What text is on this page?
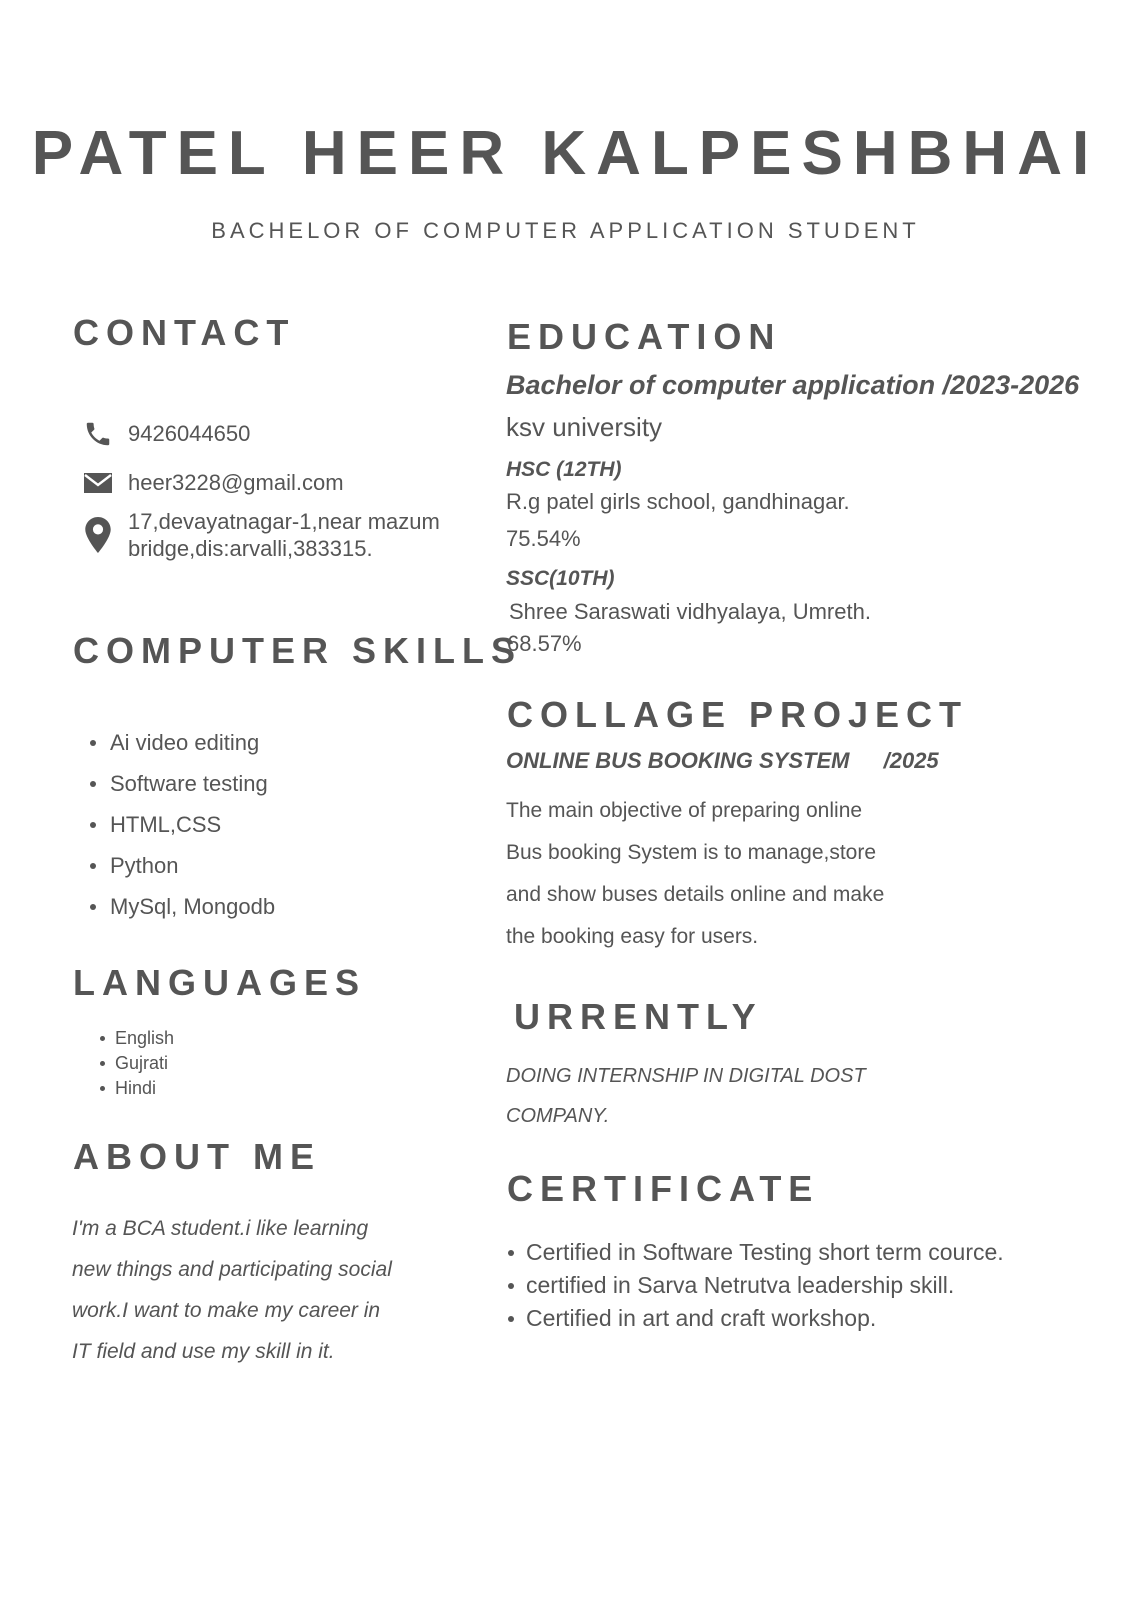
PATEL HEER KALPESHBHAI
BACHELOR OF COMPUTER APPLICATION STUDENT
CONTACT
9426044650
heer3228@gmail.com
17,devayatnagar-1,near mazum
bridge,dis:arvalli,383315.
COMPUTER SKILLS
Ai video editing
Software testing
HTML,CSS
Python
MySql, Mongodb
LANGUAGES
English
Gujrati
Hindi
ABOUT ME
I'm a BCA student.i like learning
new things and participating social
work.I want to make my career in
IT field and use my skill in it.
EDUCATION
Bachelor of computer application /2023-2026
ksv university
HSC (12TH)
R.g patel girls school, gandhinagar.
75.54%
SSC(10TH)
Shree Saraswati vidhyalaya, Umreth.
68.57%
COLLAGE PROJECT
ONLINE BUS BOOKING SYSTEM /2025
The main objective of preparing online
Bus booking System is to manage,store
and show buses details online and make
the booking easy for users.
URRENTLY
DOING INTERNSHIP IN DIGITAL DOST
COMPANY.
CERTIFICATE
Certified in Software Testing short term cource.
certified in Sarva Netrutva leadership skill.
Certified in art and craft workshop.
